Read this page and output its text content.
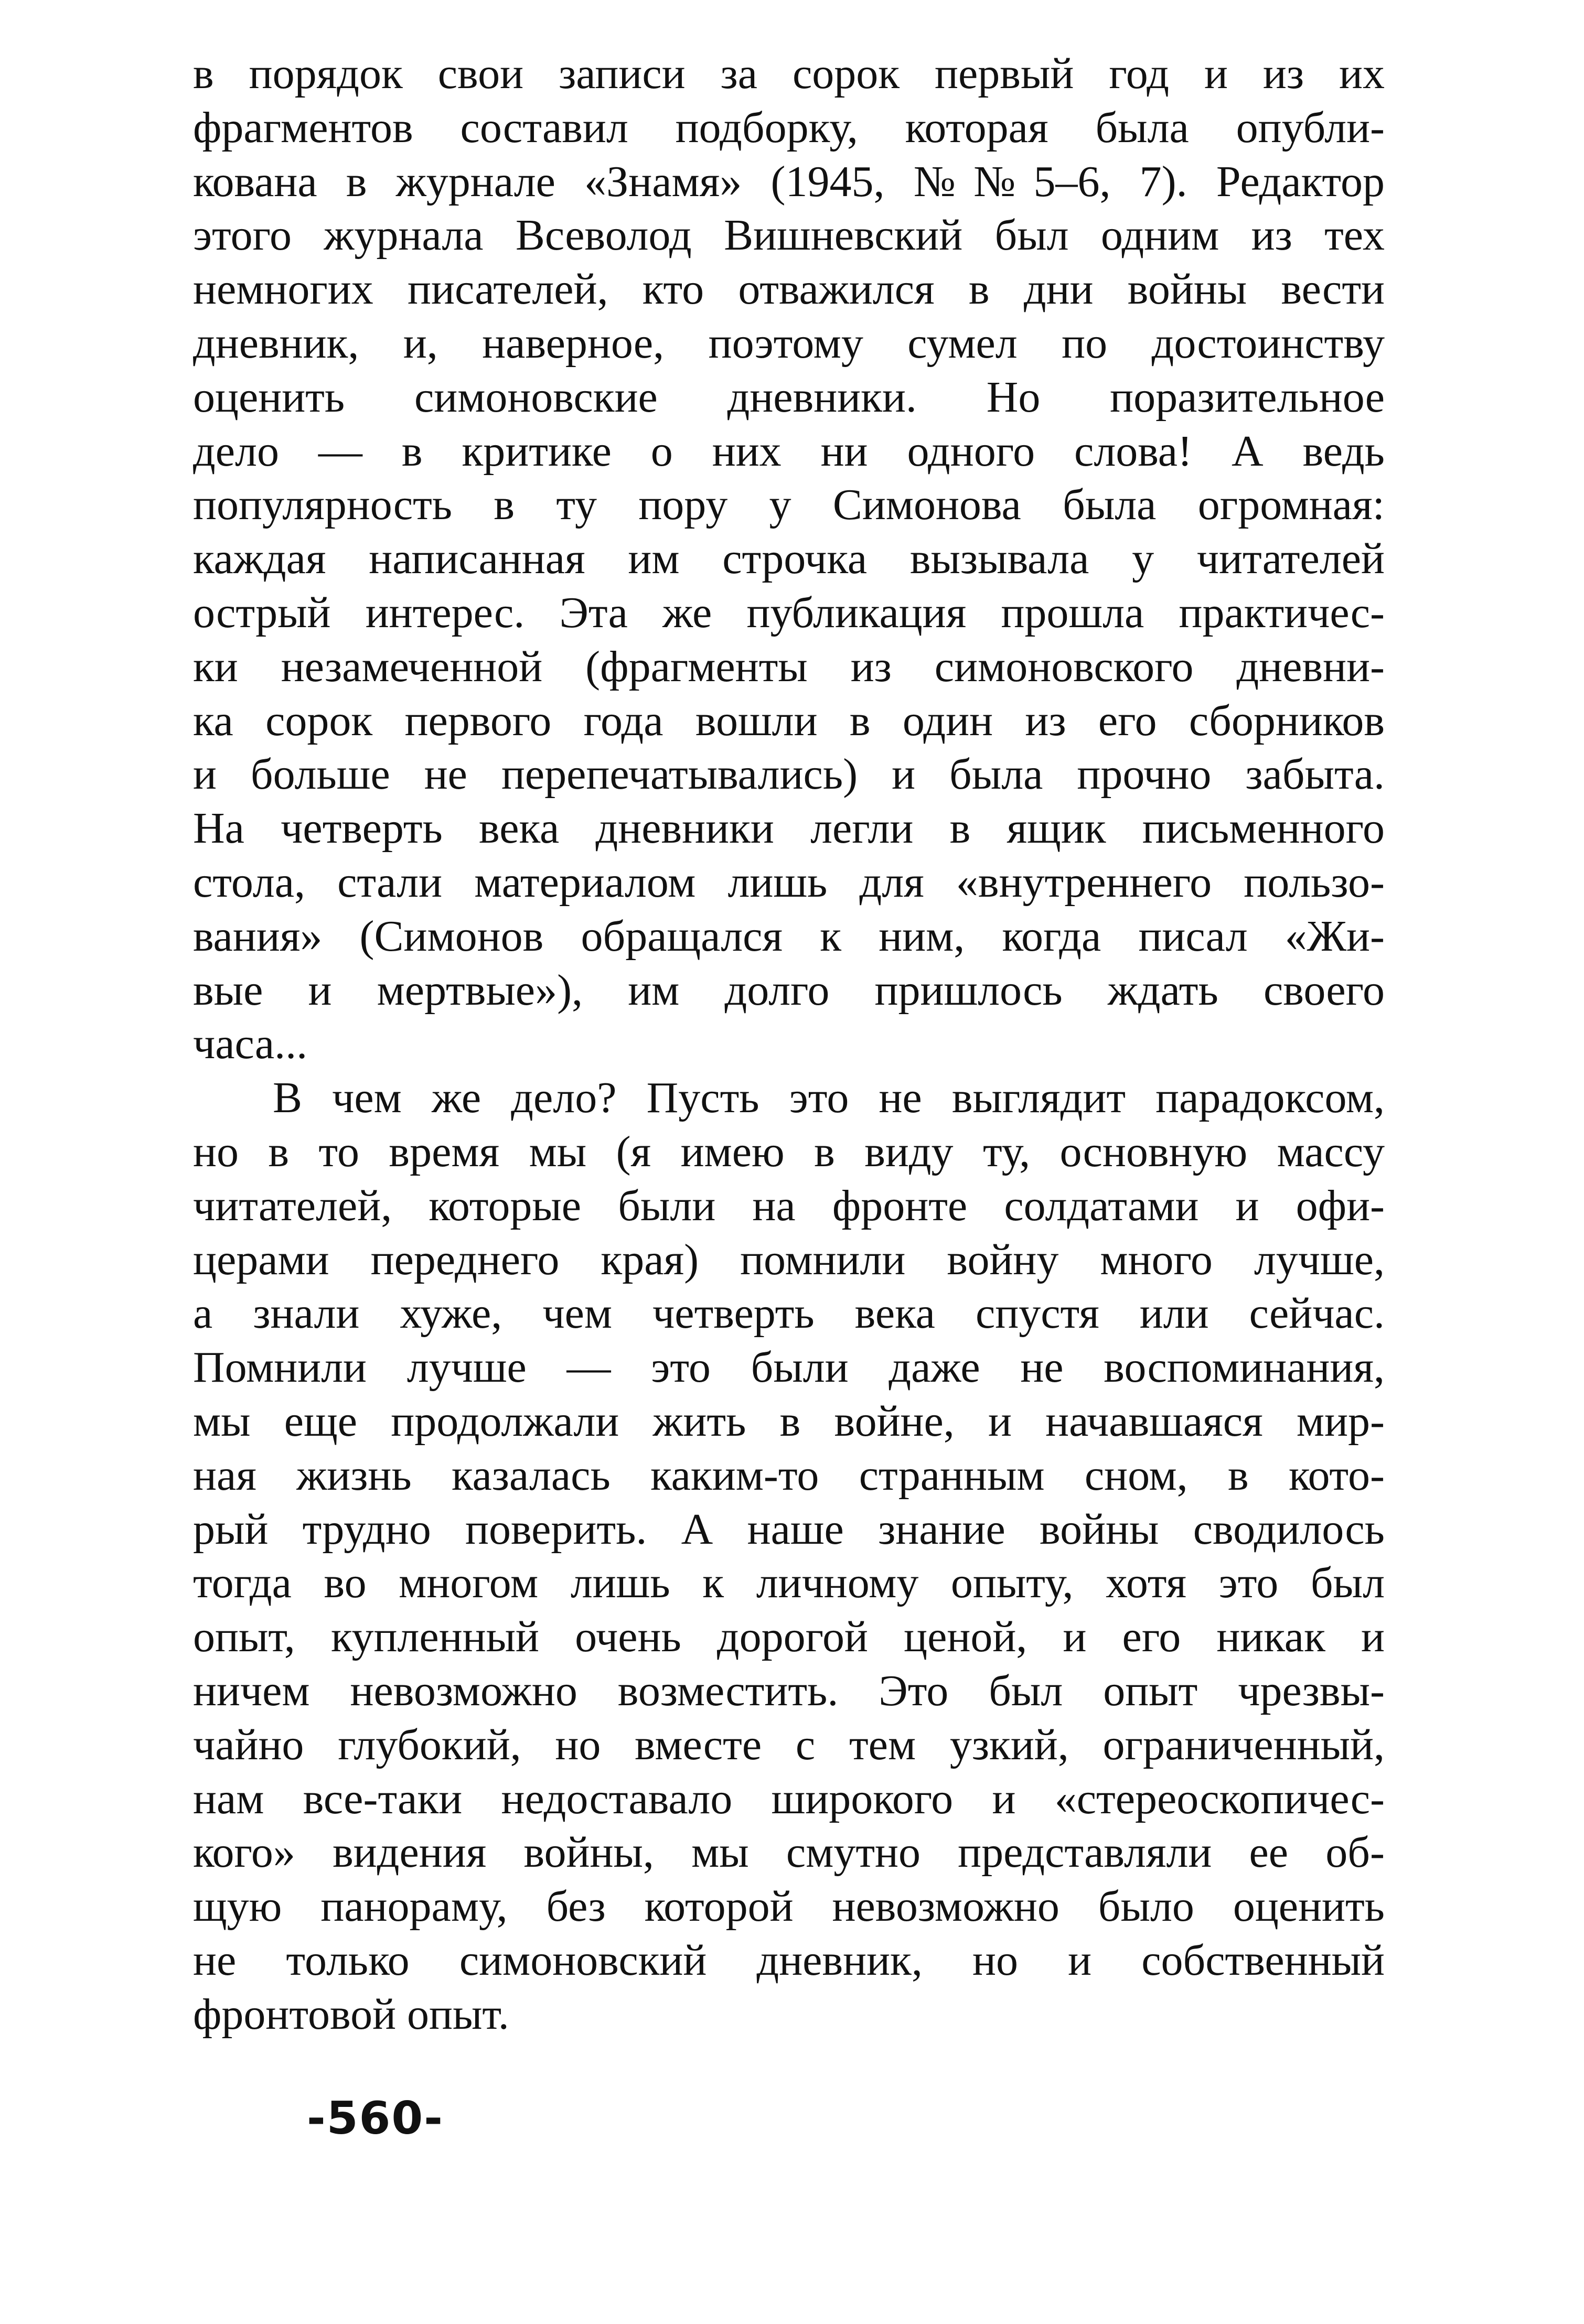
в порядок свои записи за сорок первый год и из их
фрагментов составил подборку, которая была опубли-
кована в журнале «Знамя» (1945, №№5–6, 7). Редактор
этого журнала Всеволод Вишневский был одним из тех
немногих писателей, кто отважился в дни войны вести
дневник, и, наверное, поэтому сумел по достоинству
оценить симоновские дневники. Но поразительное
дело — в критике о них ни одного слова! А ведь
популярность в ту пору у Симонова была огромная:
каждая написанная им строчка вызывала у читателей
острый интерес. Эта же публикация прошла практичес-
ки незамеченной (фрагменты из симоновского дневни-
ка сорок первого года вошли в один из его сборников
и больше не перепечатывались) и была прочно забыта.
На четверть века дневники легли в ящик письменного
стола, стали материалом лишь для «внутреннего пользо-
вания» (Симонов обращался к ним, когда писал «Жи-
вые и мертвые»), им долго пришлось ждать своего
часа...
В чем же дело? Пусть это не выглядит парадоксом,
но в то время мы (я имею в виду ту, основную массу
читателей, которые были на фронте солдатами и офи-
церами переднего края) помнили войну много лучше,
а знали хуже, чем четверть века спустя или сейчас.
Помнили лучше — это были даже не воспоминания,
мы еще продолжали жить в войне, и начавшаяся мир-
ная жизнь казалась каким-то странным сном, в кото-
рый трудно поверить. А наше знание войны сводилось
тогда во многом лишь к личному опыту, хотя это был
опыт, купленный очень дорогой ценой, и его никак и
ничем невозможно возместить. Это был опыт чрезвы-
чайно глубокий, но вместе с тем узкий, ограниченный,
нам все-таки недоставало широкого и «стереоскопичес-
кого» видения войны, мы смутно представляли ее об-
щую панораму, без которой невозможно было оценить
не только симоновский дневник, но и собственный
фронтовой опыт.
-560-
